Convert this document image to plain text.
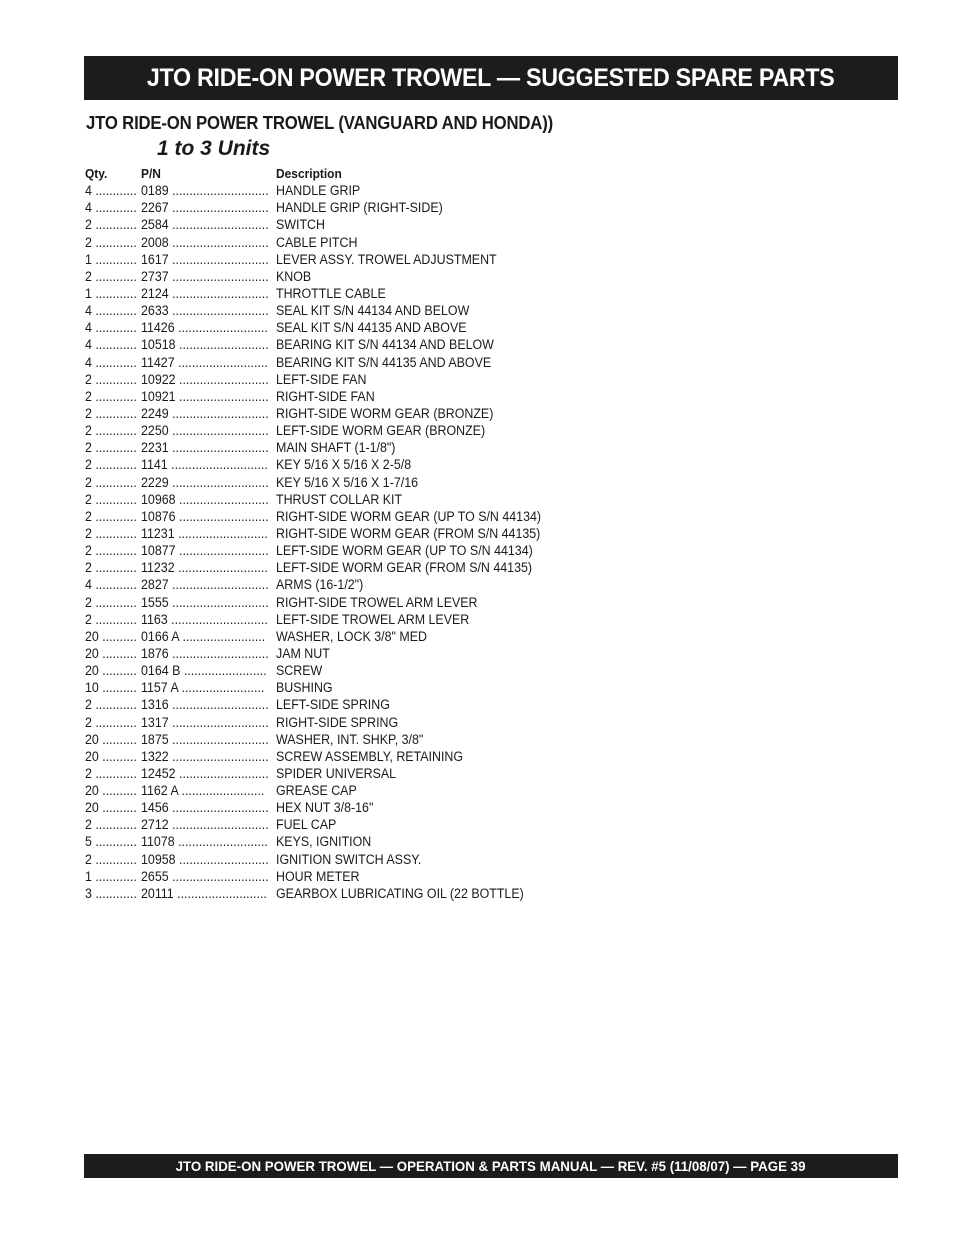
JTO RIDE-ON POWER TROWEL — SUGGESTED SPARE PARTS
JTO RIDE-ON POWER TROWEL (VANGUARD AND HONDA))
1 to 3 Units
Qty.	P/N	Description
4 ............ 0189 ............................ HANDLE GRIP
4 ............ 2267 ............................ HANDLE GRIP (RIGHT-SIDE)
2 ............ 2584 ............................ SWITCH
2 ............ 2008 ............................ CABLE PITCH
1 ............ 1617 ............................ LEVER ASSY. TROWEL ADJUSTMENT
2 ............ 2737 ............................ KNOB
1 ............ 2124 ............................ THROTTLE CABLE
4 ............ 2633 ............................ SEAL KIT S/N 44134 AND BELOW
4 ............ 11426 .......................... SEAL KIT S/N 44135 AND ABOVE
4 ............ 10518 .......................... BEARING KIT S/N 44134 AND BELOW
4 ............ 11427 .......................... BEARING KIT S/N 44135 AND ABOVE
2 ............ 10922 .......................... LEFT-SIDE FAN
2 ............ 10921 .......................... RIGHT-SIDE FAN
2 ............ 2249 ............................ RIGHT-SIDE WORM GEAR (BRONZE)
2 ............ 2250 ............................ LEFT-SIDE WORM GEAR (BRONZE)
2 ............ 2231 ............................ MAIN SHAFT (1-1/8")
2 ............ 1141 ............................ KEY 5/16 X 5/16 X 2-5/8
2 ............ 2229 ............................ KEY 5/16 X 5/16 X 1-7/16
2 ............ 10968 .......................... THRUST COLLAR KIT
2 ............ 10876 .......................... RIGHT-SIDE WORM GEAR (UP TO S/N 44134)
2 ............ 11231 .......................... RIGHT-SIDE WORM GEAR (FROM S/N 44135)
2 ............ 10877 .......................... LEFT-SIDE WORM GEAR (UP TO S/N 44134)
2 ............ 11232 .......................... LEFT-SIDE WORM GEAR (FROM S/N 44135)
4 ............ 2827 ............................ ARMS (16-1/2")
2 ............ 1555 ............................ RIGHT-SIDE TROWEL ARM LEVER
2 ............ 1163 ............................ LEFT-SIDE TROWEL ARM LEVER
20 .......... 0166 A ........................ WASHER, LOCK 3/8" MED
20 .......... 1876 ............................ JAM NUT
20 .......... 0164 B ........................ SCREW
10 .......... 1157 A ........................ BUSHING
2 ............ 1316 ............................ LEFT-SIDE SPRING
2 ............ 1317 ............................ RIGHT-SIDE SPRING
20 .......... 1875 ............................ WASHER, INT. SHKP, 3/8"
20 .......... 1322 ............................ SCREW ASSEMBLY, RETAINING
2 ............ 12452 .......................... SPIDER UNIVERSAL
20 .......... 1162 A ........................ GREASE CAP
20 .......... 1456 ............................ HEX NUT 3/8-16"
2 ............ 2712 ............................ FUEL CAP
5 ............ 11078 .......................... KEYS, IGNITION
2 ............ 10958 .......................... IGNITION SWITCH ASSY.
1 ............ 2655 ............................ HOUR METER
3 ............ 20111 .......................... GEARBOX LUBRICATING OIL (22 BOTTLE)
JTO RIDE-ON POWER TROWEL — OPERATION & PARTS MANUAL — REV. #5 (11/08/07) — PAGE 39
